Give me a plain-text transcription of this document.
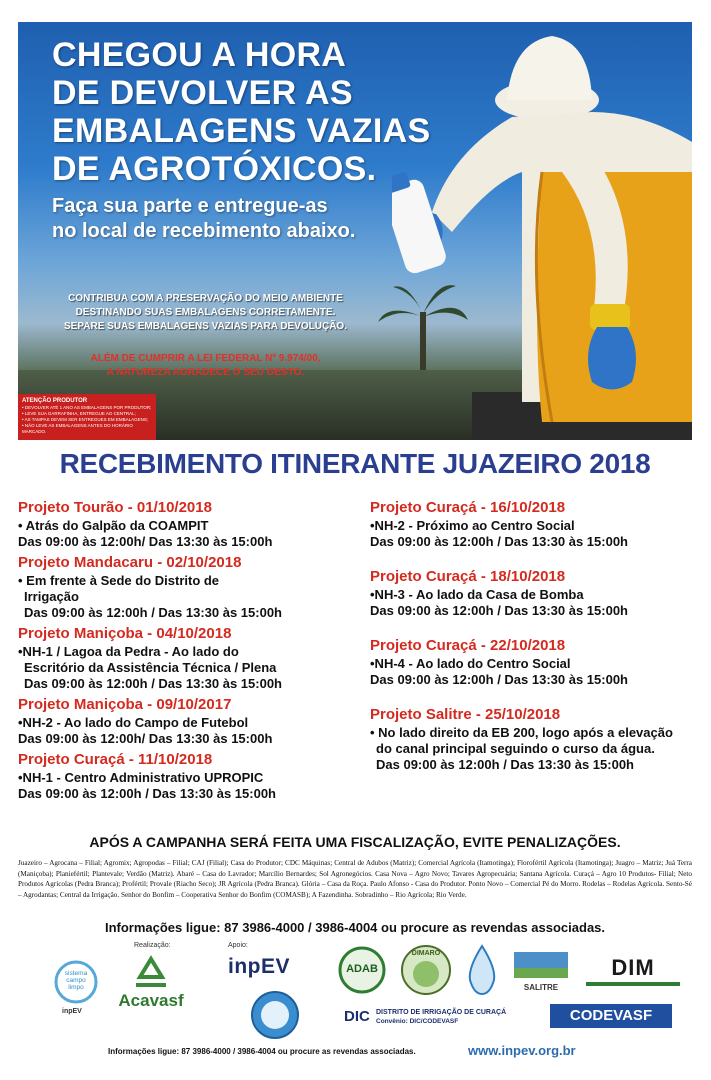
CHEGOU A HORA
DE DEVOLVER AS
EMBALAGENS VAZIAS
DE AGROTÓXICOS.
Faça sua parte e entregue-as
no local de recebimento abaixo.
CONTRIBUA COM A PRESERVAÇÃO DO MEIO AMBIENTE
DESTINANDO SUAS EMBALAGENS CORRETAMENTE.
SEPARE SUAS EMBALAGENS VAZIAS PARA DEVOLUÇÃO.
ALÉM DE CUMPRIR A LEI FEDERAL Nº 9.974/00,
A NATUREZA AGRADECE O SEU GESTO.
ATENÇÃO PRODUTOR
• DEVOLVER ATÉ 1 ANO AS EMBALAGENS POR PRODUTOR;
• LEVE SUA GARRAFINHA, ENTREGUE AO CENTRAL;
• AS TAMPAS DEVEM SER ENTREGUES EM EMBALAGENS;
• NÃO LEVE AS EMBALAGENS ANTES DO HORÁRIO MARCADO.
RECEBIMENTO ITINERANTE JUAZEIRO 2018

Projeto Tourão - 01/10/2018

• Atrás do Galpão da COAMPIT
Das 09:00 às 12:00h/ Das 13:30 às 15:00h

Projeto Mandacaru - 02/10/2018

• Em frente à Sede do Distrito de
Irrigação
Das 09:00 às 12:00h / Das 13:30 às 15:00h

Projeto Maniçoba - 04/10/2018

•NH-1 / Lagoa da Pedra - Ao lado do
Escritório da Assistência Técnica / Plena
Das 09:00 às 12:00h / Das 13:30 às 15:00h

Projeto Maniçoba - 09/10/2017

•NH-2 - Ao lado do Campo de Futebol
Das 09:00 às 12:00h/ Das 13:30 às 15:00h

Projeto Curaçá - 11/10/2018

•NH-1 - Centro Administrativo UPROPIC
Das 09:00 às 12:00h / Das 13:30 às 15:00h

Projeto Curaçá - 16/10/2018

•NH-2 - Próximo ao Centro Social
Das 09:00 às 12:00h / Das 13:30 às 15:00h

Projeto Curaçá - 18/10/2018

•NH-3 - Ao lado da Casa de Bomba
Das 09:00 às 12:00h / Das 13:30 às 15:00h

Projeto Curaçá - 22/10/2018

•NH-4 - Ao lado do Centro Social
Das 09:00 às 12:00h / Das 13:30 às 15:00h

Projeto Salitre - 25/10/2018

• No lado direito da EB 200, logo após a elevação
do canal principal seguindo o curso da água.
Das 09:00 às 12:00h / Das 13:30 às 15:00h
APÓS A CAMPANHA SERÁ FEITA UMA FISCALIZAÇÃO, EVITE PENALIZAÇÕES.
Juazeiro – Agrocana – Filial; Agromix; Agropodas – Filial; CAJ (Filial); Casa do Produtor; CDC Máquinas; Central de Adubos (Matriz); Comercial Agrícola (Itamotinga); Florofértil Agrícola (Itamotinga); Juagro – Matriz; Juá Terra (Maniçoba); Planiefértil; Plantevale; Verdão (Matriz). Abaré – Casa do Lavrador; Marcílio Bernardes; Sol Agronegócios. Casa Nova – Agro Novo; Tavares Agropecuária; Santana Agrícola. Curaçá – Agro 10 Produtos- Filial; Neto Produtos Agrícolas (Pedra Branca); Profértil; Provale (Riacho Seco); JR Agrícola (Pedra Branca). Glória – Casa da Roça. Paulo Afonso - Casa do Produtor. Ponto Novo – Comercial Pé do Morro. Rodelas – Rodelas Agrícola. Sento-Sé – Agrodantas; Central da Irrigação. Senhor do Bonfim – Cooperativa Senhor do Bonfim (COMASB); A Fazendinha. Sobradinho – Rio Agrícola; Rio Verde.
Informações ligue: 87 3986-4000 / 3986-4004 ou procure as revendas associadas.
Realização:	Apoio:
sistema campo limpo
inpEV
Acavasf
inpEV	ADAB
DIMARO
SALITRE
DIM
DIC DISTRITO DE IRRIGAÇÃO DE CURAÇÁ
Convênio: DIC/CODEVASF	CODEVASF
Informações ligue: 87 3986-4000 / 3986-4004 ou procure as revendas associadas.	www.inpev.org.br
